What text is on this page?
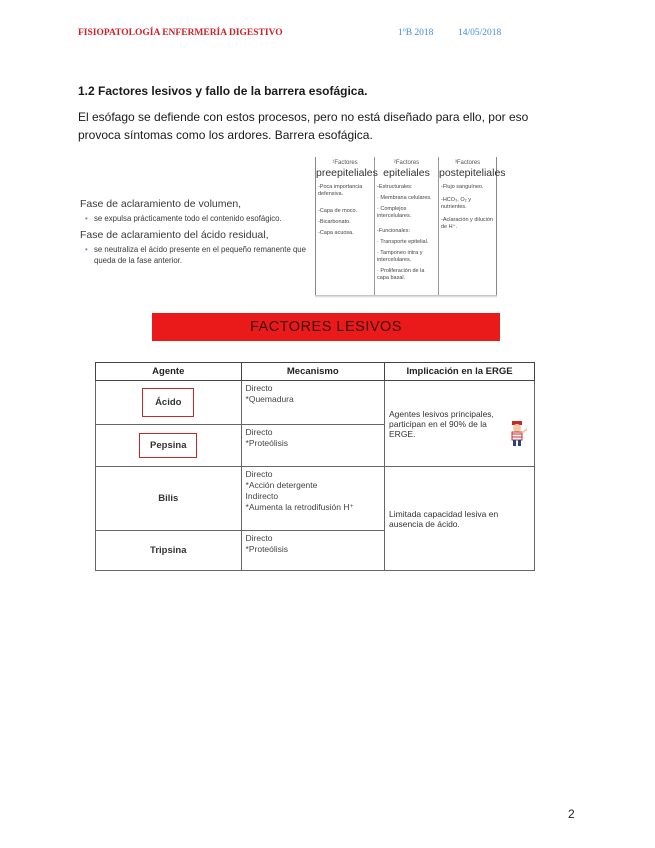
FISIOPATOLOGÍA ENFERMERÍA DIGESTIVO	1ºB 2018	14/05/2018
1.2 Factores lesivos y fallo de la barrera esofágica.
El esófago se defiende con estos procesos, pero no está diseñado para ello, por eso provoca síntomas como los ardores. Barrera esofágica.
Fase de aclaramiento de volumen,
• se expulsa prácticamente todo el contenido esofágico.
Fase de aclaramiento del ácido residual,
• se neutraliza el ácido presente en el pequeño remanente que queda de la fase anterior.
¹Factores
preepiteliales

-Poca importancia defensiva.

-Capa de moco.

-Bicarbonato.

-Capa acuosa.

²Factores
epiteliales

-Estructurales:

· Membrana celulares.

· Complejos intercelulares.

-Funcionales:

· Transporte epitelial.

· Tamponeo intra y intercelulares.

· Proliferación de la capa basal.

³Factores
postepiteliales

-Flujo sanguíneo.

-HCO₃, O₂ y nutrientes.

-Aclaración y dilución de H⁺.

FACTORES LESIVOS
Agente	Mecanismo	Implicación en la ERGE
Ácido	Directo
*Quemadura	Agentes lesivos principales, participan en el 90% de la ERGE.

Pepsina	Directo
*Proteólisis	

Bilis	Directo
*Acción detergente
Indirecto
*Aumenta la retrodifusión H⁺	Limitada capacidad lesiva en ausencia de ácido.

Tripsina	Directo
*Proteólisis	
2
